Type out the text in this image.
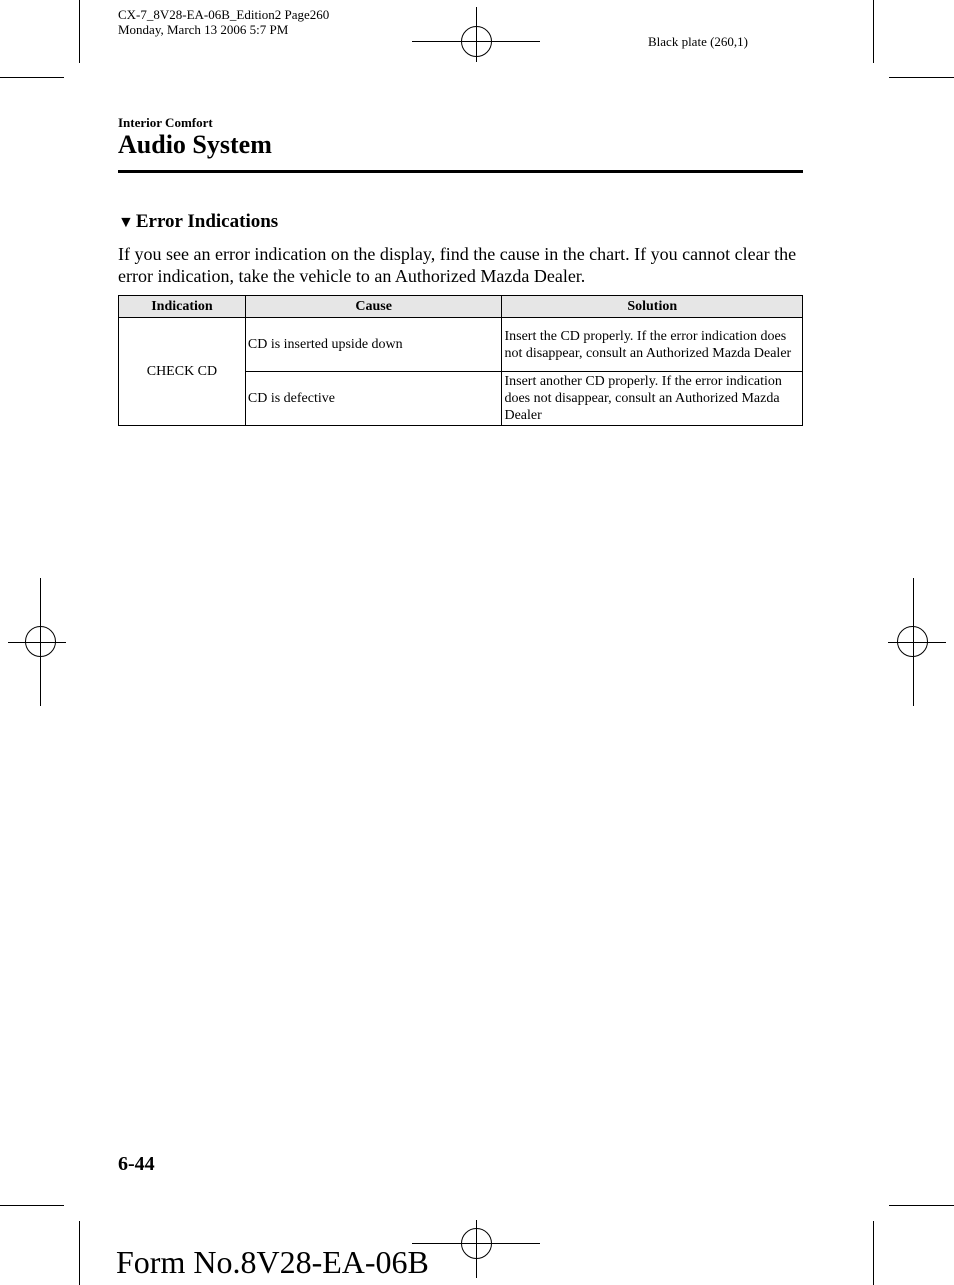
CX-7_8V28-EA-06B_Edition2 Page260
Monday, March 13 2006 5:7 PM
Black plate (260,1)
Interior Comfort
Audio System
▼ Error Indications
If you see an error indication on the display, find the cause in the chart. If you cannot clear the error indication, take the vehicle to an Authorized Mazda Dealer.
Indication	Cause	Solution
CHECK CD	CD is inserted upside down	Insert the CD properly. If the error indication does not disappear, consult an Authorized Mazda Dealer
	CD is defective	Insert another CD properly. If the error indication does not disappear, consult an Authorized Mazda Dealer
6-44
Form No.8V28-EA-06B
